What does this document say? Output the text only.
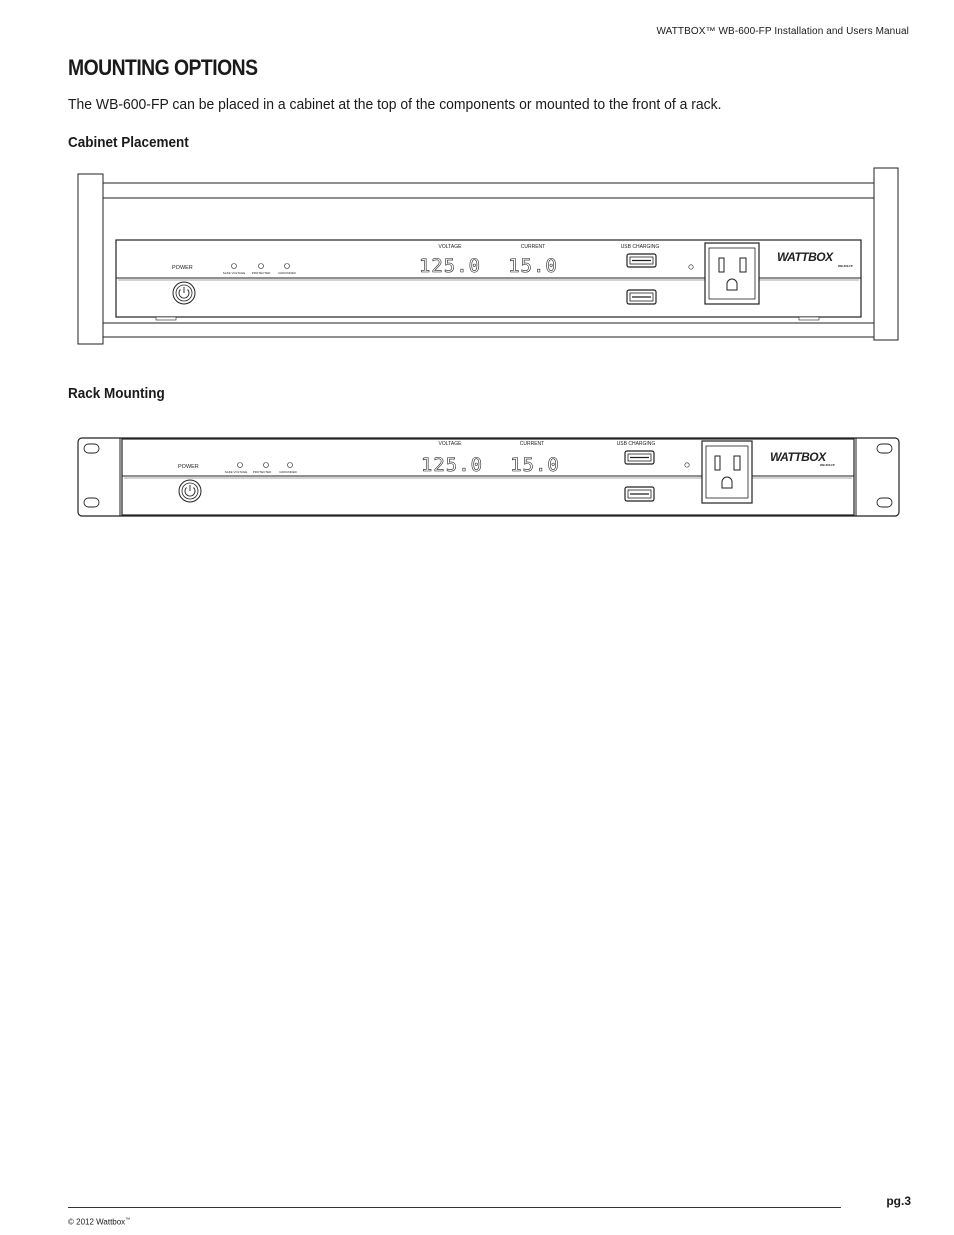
WATTBOX™ WB-600-FP Installation and Users Manual
MOUNTING OPTIONS

The WB-600-FP can be placed in a cabinet at the top of the components or mounted to the front of a rack.

Cabinet Placement
POWER
SAFE VOLTAGE PROTECTED	GROUNDED
VOLTAGE
125.0
CURRENT
15.0
USB CHARGING
WATTBOX
WB-600-FP
Rack Mounting
POWER
SAFE VOLTAGE PROTECTED	GROUNDED
VOLTAGE
125.0
CURRENT
15.0
USB CHARGING
WATTBOX
WB-600-FP
pg.3
© 2012 Wattbox™
